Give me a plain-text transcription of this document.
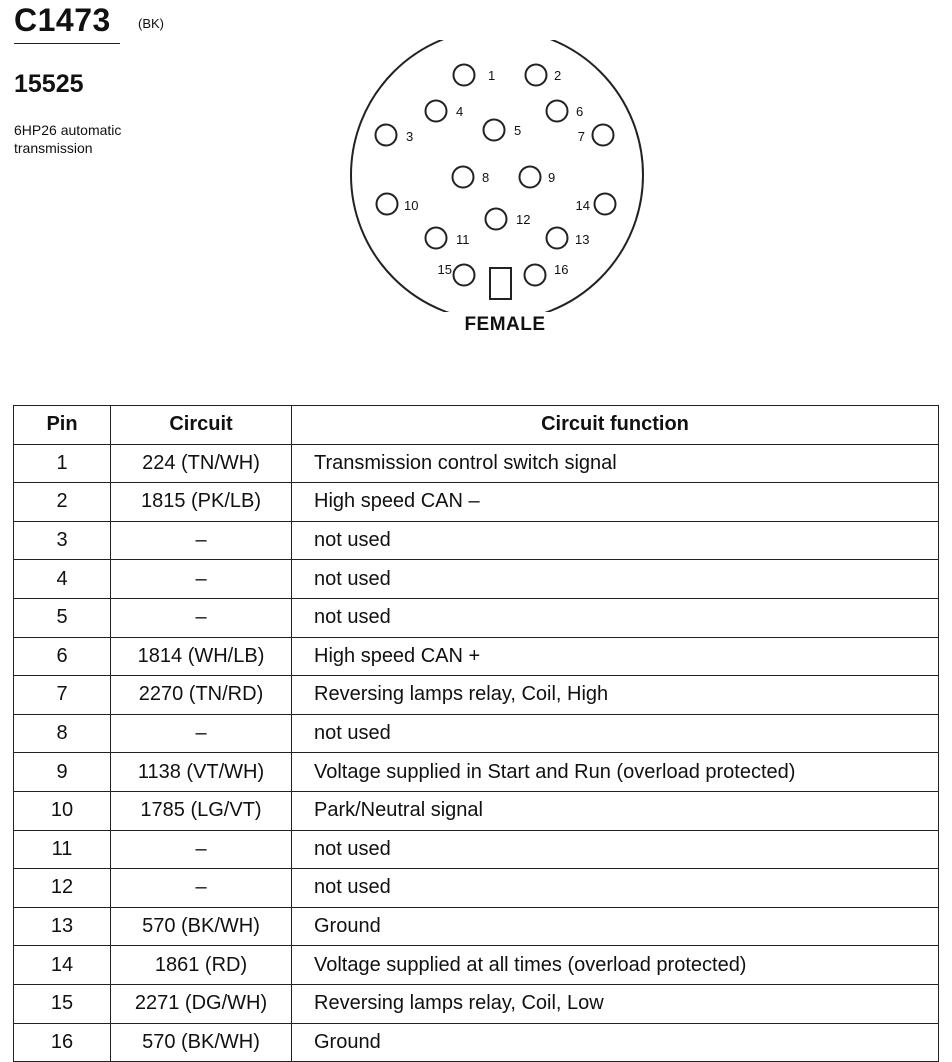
C1473 (BK)
15525
6HP26 automatic transmission
1	2
3
4
5
6
7
8	9
10
11
12
13
14
15	16
FEMALE
Pin	Circuit	Circuit function
1	224 (TN/WH)	Transmission control switch signal
2	1815 (PK/LB)	High speed CAN –
3	–	not used
4	–	not used
5	–	not used
6	1814 (WH/LB)	High speed CAN +
7	2270 (TN/RD)	Reversing lamps relay, Coil, High
8	–	not used
9	1138 (VT/WH)	Voltage supplied in Start and Run (overload protected)
10	1785 (LG/VT)	Park/Neutral signal
11	–	not used
12	–	not used
13	570 (BK/WH)	Ground
14	1861 (RD)	Voltage supplied at all times (overload protected)
15	2271 (DG/WH)	Reversing lamps relay, Coil, Low
16	570 (BK/WH)	Ground
